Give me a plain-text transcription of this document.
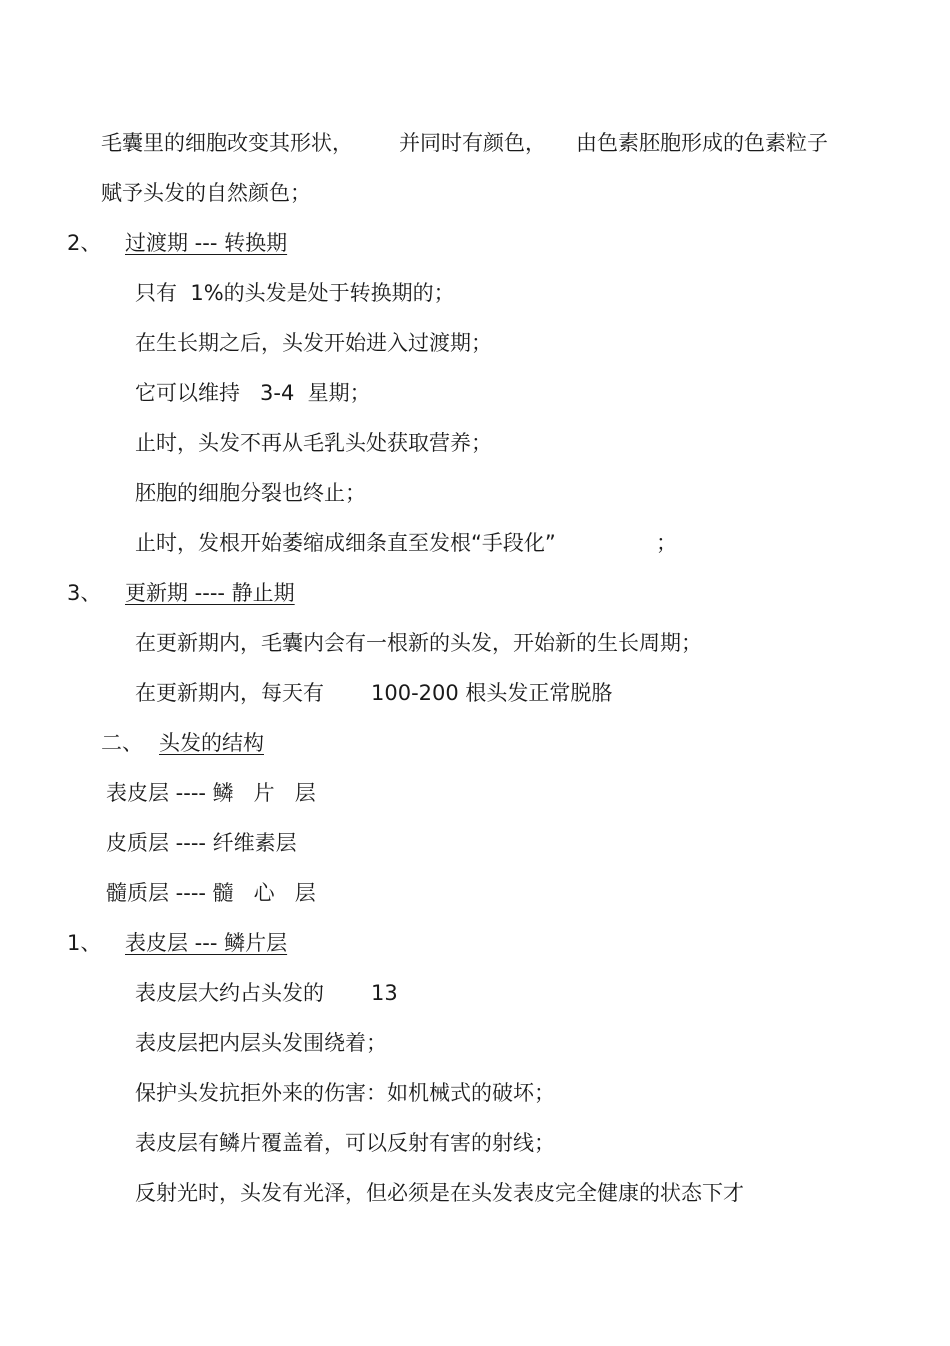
毛囊里的细胞改变其形状， 并同时有颜色， 由色素胚胞形成的色素粒子
赋予头发的自然颜色；
2、 过渡期 --- 转换期
只有  1%的头发是处于转换期的；
在生长期之后，头发开始进入过渡期；
它可以维持   3-4  星期；
止时，头发不再从毛乳头处获取营养；
胚胞的细胞分裂也终止；
止时，发根开始萎缩成细条直至发根“手段化”	；
3、 更新期 ---- 静止期
在更新期内，毛囊内会有一根新的头发，开始新的生长周期；
在更新期内，每天有 100-200 根头发正常脱胳
二、 头发的结构
表皮层 ---- 鳞   片   层
皮质层 ---- 纤维素层
髓质层 ---- 髓   心   层
1、 表皮层 --- 鳞片层
表皮层大约占头发的 13
表皮层把内层头发围绕着；
保护头发抗拒外来的伤害：如机械式的破坏；
表皮层有鳞片覆盖着，可以反射有害的射线；
反射光时，头发有光泽，但必须是在头发表皮完全健康的状态下才
